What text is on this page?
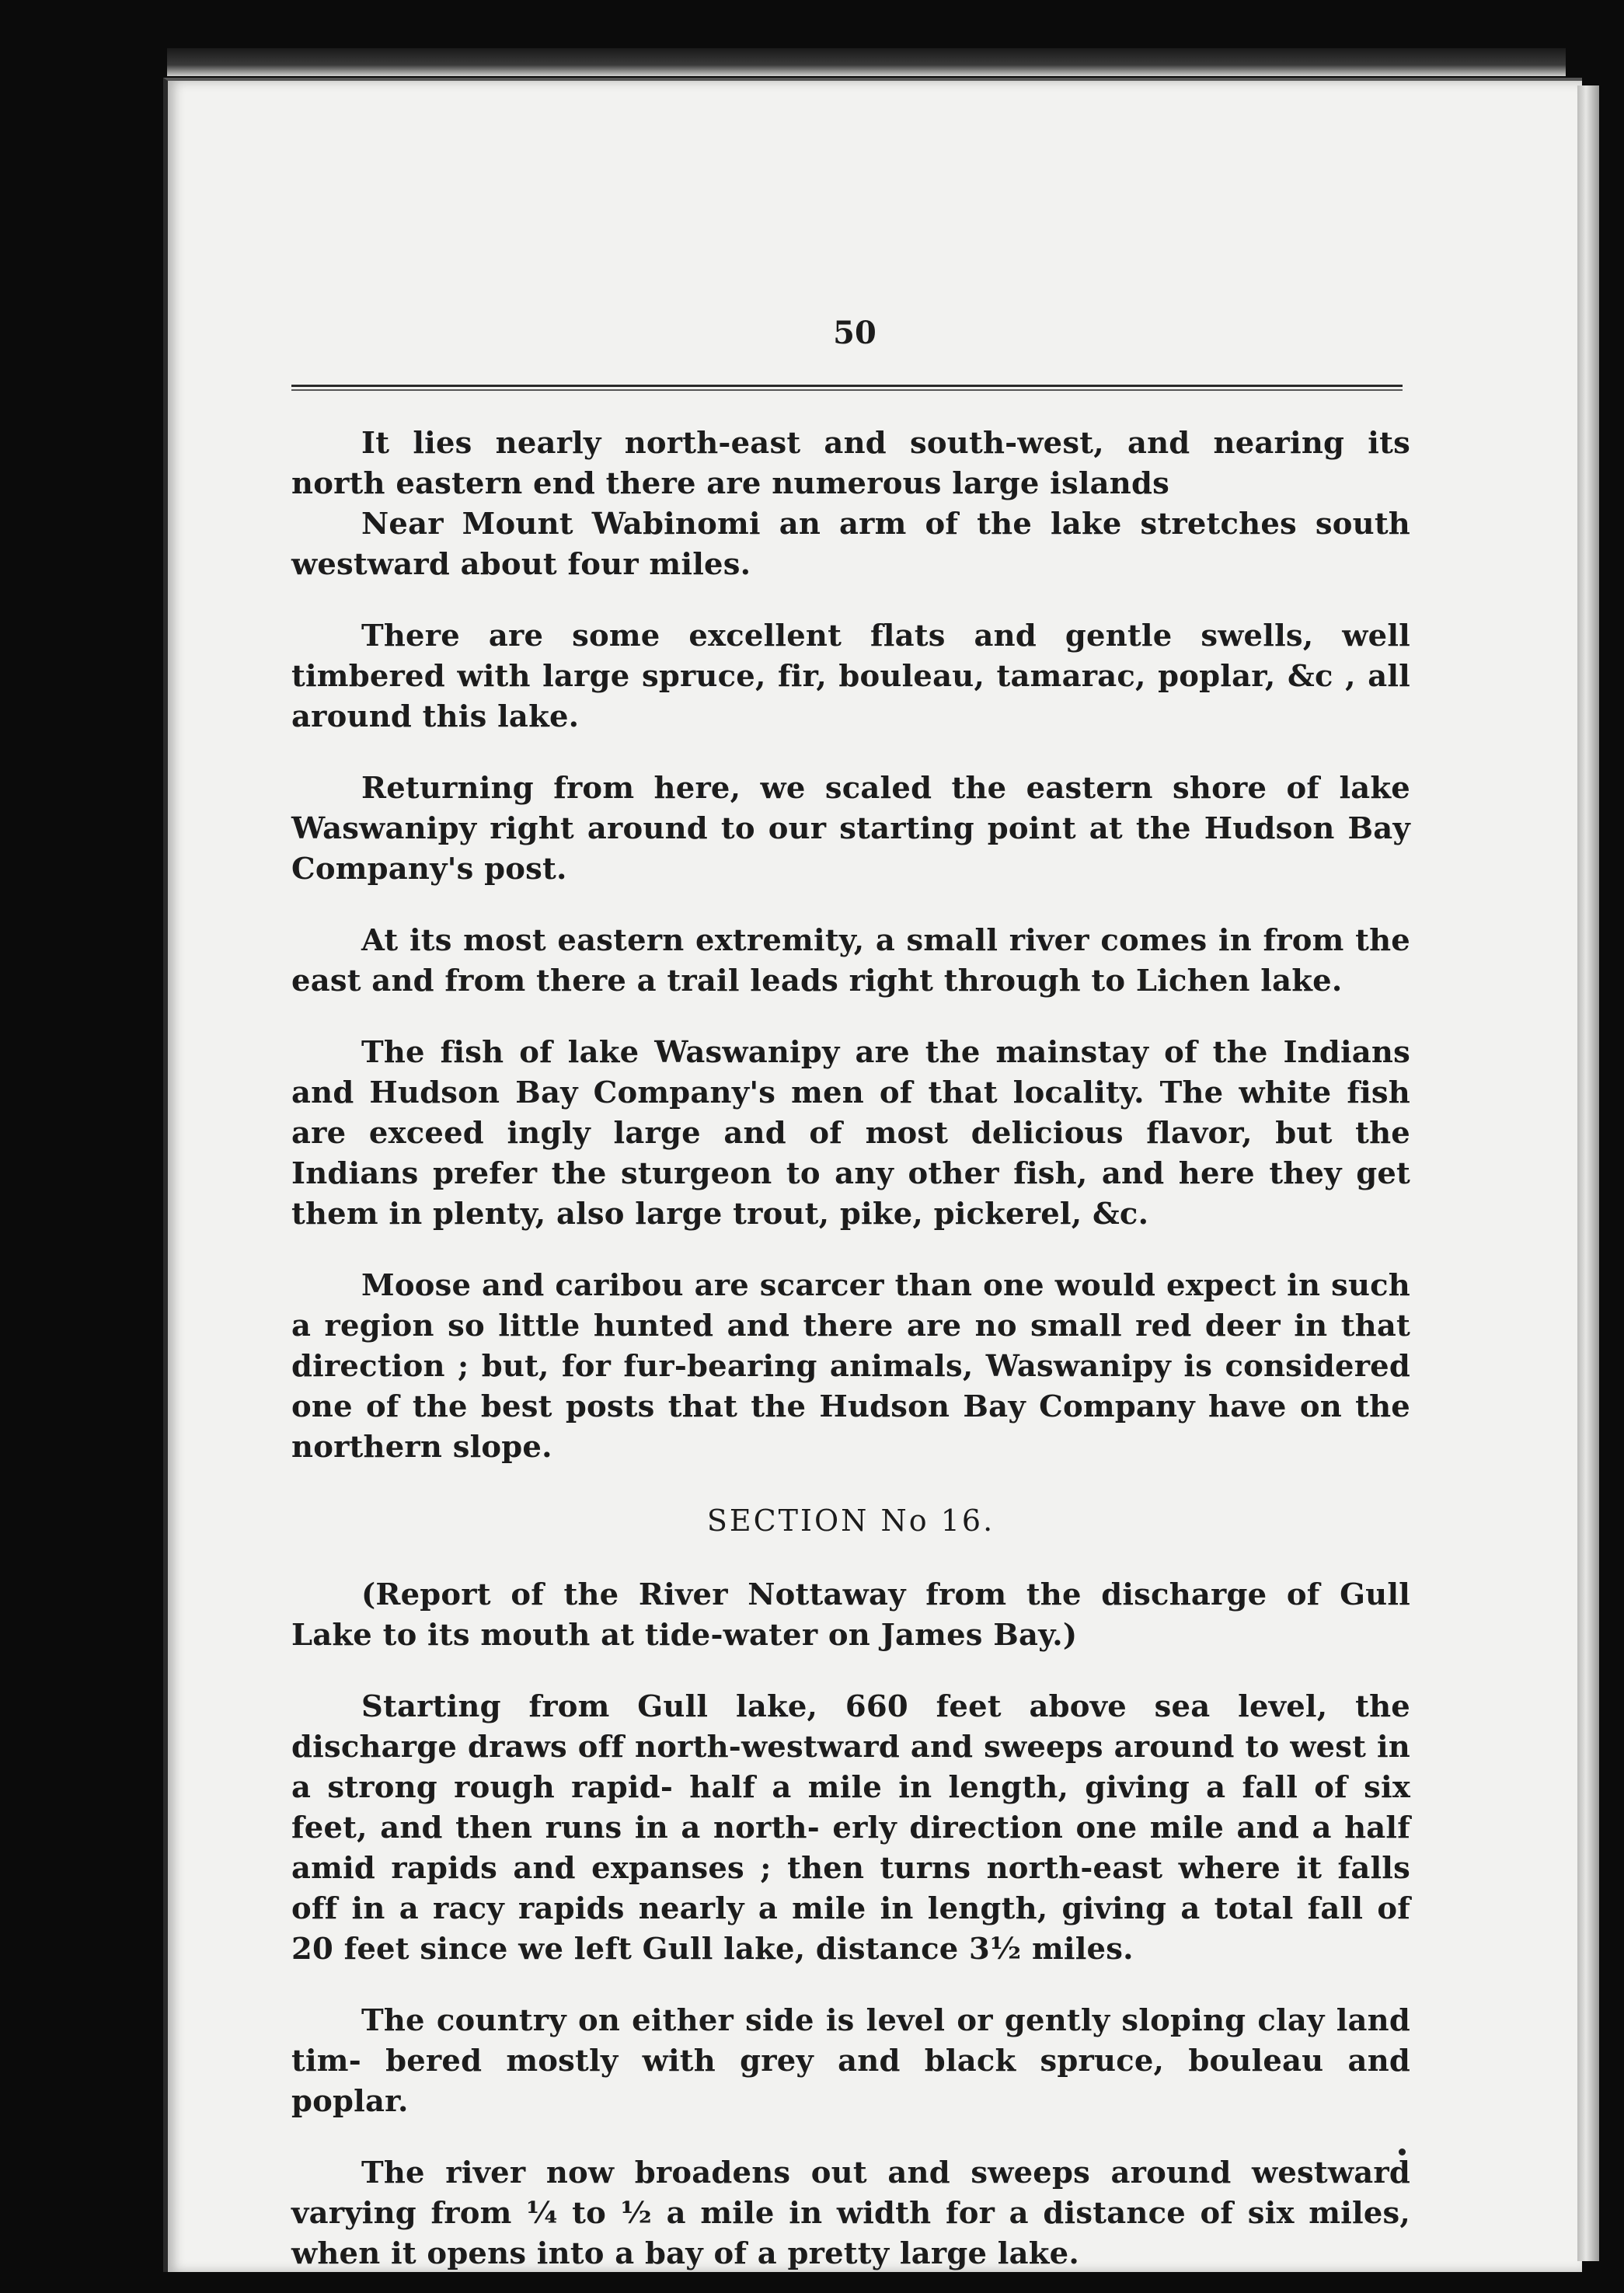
50

It lies nearly north-east and south-west, and nearing its north eastern end there are numerous large islands

Near Mount Wabinomi an arm of the lake stretches south westward about four miles.

There are some excellent flats and gentle swells, well timbered with large spruce, fir, bouleau, tamarac, poplar, &c , all around this lake.

Returning from here, we scaled the eastern shore of lake Waswanipy right around to our starting point at the Hudson Bay Company's post.

At its most eastern extremity, a small river comes in from the east and from there a trail leads right through to Lichen lake.

The fish of lake Waswanipy are the mainstay of the Indians and Hudson Bay Company's men of that locality. The white fish are exceed ingly large and of most delicious flavor, but the Indians prefer the sturgeon to any other fish, and here they get them in plenty, also large trout, pike, pickerel, &c.

Moose and caribou are scarcer than one would expect in such a region so little hunted and there are no small red deer in that direction ; but, for fur-bearing animals, Waswanipy is considered one of the best posts that the Hudson Bay Company have on the northern slope.

SECTION No 16.

(Report of the River Nottaway from the discharge of Gull Lake to its mouth at tide-water on James Bay.)

Starting from Gull lake, 660 feet above sea level, the discharge draws off north-westward and sweeps around to west in a strong rough rapid- half a mile in length, giving a fall of six feet, and then runs in a north- erly direction one mile and a half amid rapids and expanses ; then turns north-east where it falls off in a racy rapids nearly a mile in length, giving a total fall of 20 feet since we left Gull lake, distance 3½ miles.

The country on either side is level or gently sloping clay land tim- bered mostly with grey and black spruce, bouleau and poplar.

The river now broadens out and sweeps around westward varying from ¼ to ½ a mile in width for a distance of six miles, when it opens into a bay of a pretty large lake.
